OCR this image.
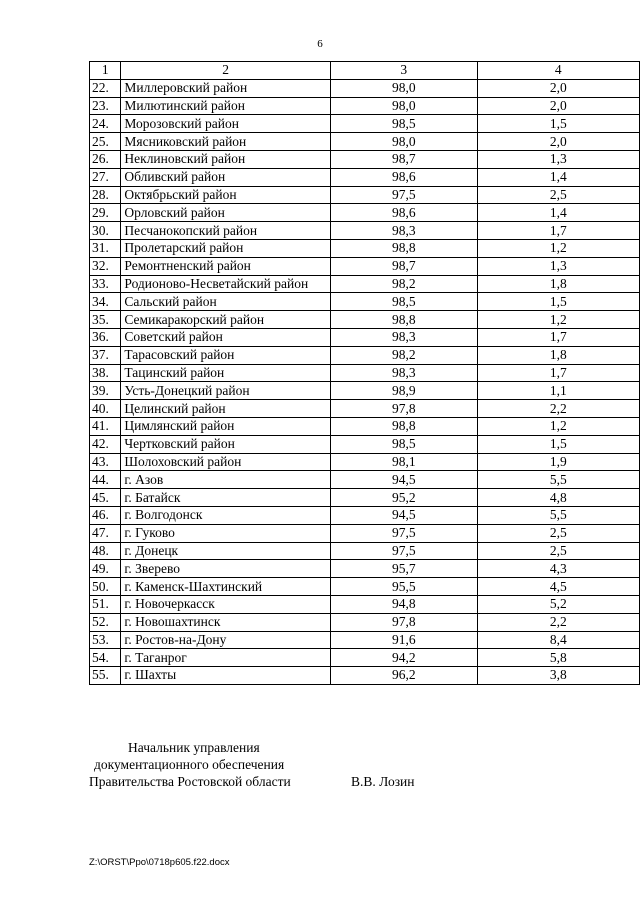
6
1	2	3	4
22.	Миллеровский район	98,0	2,0
23.	Милютинский район	98,0	2,0
24.	Морозовский район	98,5	1,5
25.	Мясниковский район	98,0	2,0
26.	Неклиновский район	98,7	1,3
27.	Обливский район	98,6	1,4
28.	Октябрьский район	97,5	2,5
29.	Орловский район	98,6	1,4
30.	Песчанокопский район	98,3	1,7
31.	Пролетарский район	98,8	1,2
32.	Ремонтненский район	98,7	1,3
33.	Родионово-Несветайский район	98,2	1,8
34.	Сальский район	98,5	1,5
35.	Семикаракорский район	98,8	1,2
36.	Советский район	98,3	1,7
37.	Тарасовский район	98,2	1,8
38.	Тацинский район	98,3	1,7
39.	Усть-Донецкий район	98,9	1,1
40.	Целинский район	97,8	2,2
41.	Цимлянский район	98,8	1,2
42.	Чертковский район	98,5	1,5
43.	Шолоховский район	98,1	1,9
44.	г. Азов	94,5	5,5
45.	г. Батайск	95,2	4,8
46.	г. Волгодонск	94,5	5,5
47.	г. Гуково	97,5	2,5
48.	г. Донецк	97,5	2,5
49.	г. Зверево	95,7	4,3
50.	г. Каменск-Шахтинский	95,5	4,5
51.	г. Новочеркасск	94,8	5,2
52.	г. Новошахтинск	97,8	2,2
53.	г. Ростов-на-Дону	91,6	8,4
54.	г. Таганрог	94,2	5,8
55.	г. Шахты	96,2	3,8
Начальник управления
документационного обеспечения
Правительства Ростовской области	В.В. Лозин
Z:\ORST\Ppo\0718p605.f22.docx
